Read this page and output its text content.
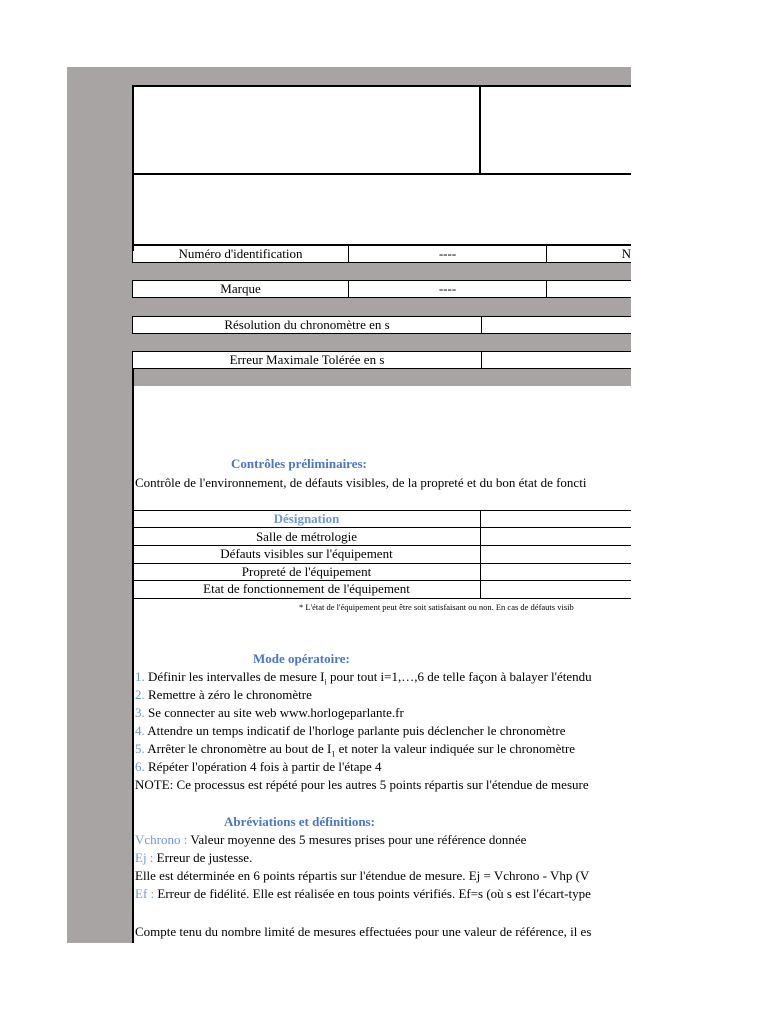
Numéro d'identification	----	N
Marque	----
Résolution du chronomètre en s
Erreur Maximale Tolérée en s
Contrôles préliminaires:
Contrôle de l'environnement, de défauts visibles, de la propreté et du bon état de foncti
Désignation
Salle de métrologie
Défauts visibles sur l'équipement
Propreté de l'équipement
Etat de fonctionnement de l'équipement
* L'état de l'équipement peut être soit satisfaisant ou non. En cas de défauts visib
Mode opératoire:
1. Définir les intervalles de mesure $I_i$ pour tout i=1,…,6 de telle façon à balayer l'étendu
2. Remettre à zéro le chronomètre
3. Se connecter au site web www.horlogeparlante.fr
4. Attendre un temps indicatif de l'horloge parlante puis déclencher le chronomètre
5. Arrêter le chronomètre au bout de $I_1$ et noter la valeur indiquée sur le chronomètre
6. Répéter l'opération 4 fois à partir de l'étape 4
NOTE: Ce processus est répété pour les autres 5 points répartis sur l'étendue de mesure
Abréviations et définitions:
Vchrono : Valeur moyenne des 5 mesures prises pour une référence donnée
Ej : Erreur de justesse.
Elle est déterminée en 6 points répartis sur l'étendue de mesure. Ej = Vchrono - Vhp (V
Ef : Erreur de fidélité. Elle est réalisée en tous points vérifiés. Ef=s (où s est l'écart-type
Compte tenu du nombre limité de mesures effectuées pour une valeur de référence, il es
